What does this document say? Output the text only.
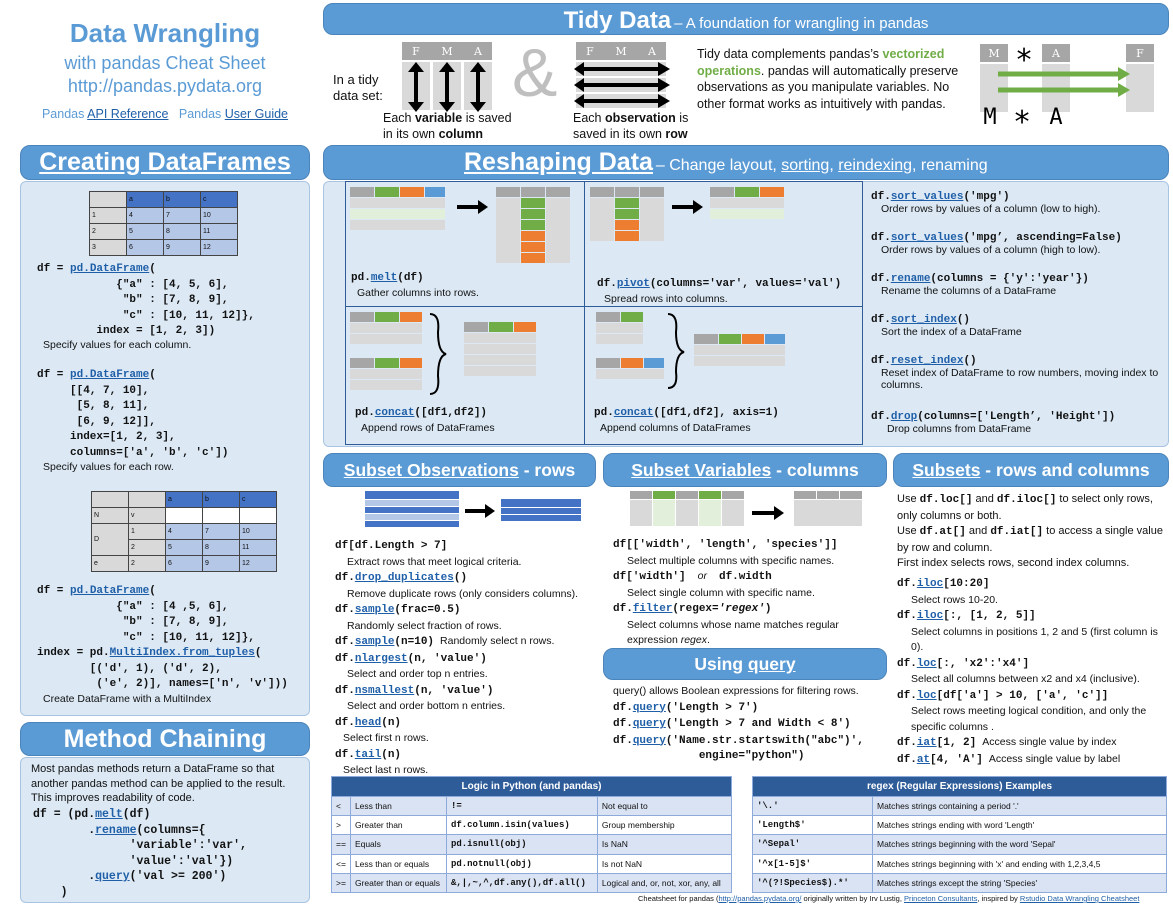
Data Wrangling
with pandas Cheat Sheet
http://pandas.pydata.org
Pandas API Reference Pandas User Guide
Tidy Data – A foundation for wrangling in pandas
In a tidy
data set:
F M A &	F M A
Each variable is saved
in its own column
Each observation is
saved in its own row
Tidy data complements pandas’s vectorized operations. pandas will automatically preserve observations as you manipulate variables. No other format works as intuitively with pandas.
M	A	F
*
M * A
Creating DataFrames
	a	b	c
1	4	7	10
2	5	8	11
3	6	9	12
df = pd.DataFrame(
{"a" : [4, 5, 6],
"b" : [7, 8, 9],
"c" : [10, 11, 12]},
index = [1, 2, 3])
Specify values for each column.
df = pd.DataFrame(
[[4, 7, 10],
[5, 8, 11],
[6, 9, 12]],
index=[1, 2, 3],
columns=['a', 'b', 'c'])
Specify values for each row.
		a	b	c
N	v			
D	1	4	7	10
	2	5	8	11
e	2	6	9	12
df = pd.DataFrame(
{"a" : [4 ,5, 6],
"b" : [7, 8, 9],
"c" : [10, 11, 12]},
index = pd.MultiIndex.from_tuples(
[('d', 1), ('d', 2),
('e', 2)], names=['n', 'v']))
Create DataFrame with a MultiIndex
Method Chaining
Most pandas methods return a DataFrame so that another pandas method can be applied to the result. This improves readability of code.
df = (pd.melt(df)
.rename(columns={
'variable':'var',
'value':'val'})
.query('val >= 200')
)
Reshaping Data – Change layout, sorting, reindexing, renaming
pd.melt(df)
Gather columns into rows.
df.pivot(columns='var', values='val')
Spread rows into columns.
pd.concat([df1,df2])
Append rows of DataFrames
pd.concat([df1,df2], axis=1)
Append columns of DataFrames
df.sort_values('mpg')
Order rows by values of a column (low to high).
df.sort_values('mpg’, ascending=False)
Order rows by values of a column (high to low).
df.rename(columns = {'y':'year'})
Rename the columns of a DataFrame
df.sort_index()
Sort the index of a DataFrame
df.reset_index()
Reset index of DataFrame to row numbers, moving index to columns.
df.drop(columns=['Length’, 'Height'])
Drop columns from DataFrame
Subset Observations - rows
df[df.Length > 7]
Extract rows that meet logical criteria.
df.drop_duplicates()
Remove duplicate rows (only considers columns).
df.sample(frac=0.5)
Randomly select fraction of rows.
df.sample(n=10) Randomly select n rows.
df.nlargest(n, 'value')
Select and order top n entries.
df.nsmallest(n, 'value')
Select and order bottom n entries.
df.head(n)
Select first n rows.
df.tail(n)
Select last n rows.
Subset Variables - columns
df[['width', 'length', 'species']]
Select multiple columns with specific names.
df['width'] or df.width
Select single column with specific name.
df.filter(regex='regex')
Select columns whose name matches regular expression regex.
Using query
query() allows Boolean expressions for filtering rows.
df.query('Length > 7')
df.query('Length > 7 and Width < 8')
df.query('Name.str.startswith("abc")',
engine="python")
Subsets - rows and columns
Use df.loc[] and df.iloc[] to select only rows, only columns or both.
Use df.at[] and df.iat[] to access a single value by row and column.
First index selects rows, second index columns.
df.iloc[10:20]
Select rows 10-20.
df.iloc[:, [1, 2, 5]]
Select columns in positions 1, 2 and 5 (first column is 0).
df.loc[:, 'x2':'x4']
Select all columns between x2 and x4 (inclusive).
df.loc[df['a'] > 10, ['a', 'c']]
Select rows meeting logical condition, and only the specific columns .
df.iat[1, 2] Access single value by index
df.at[4, 'A'] Access single value by label
Logic in Python (and pandas)			
<	Less than	!=	Not equal to
>	Greater than	df.column.isin(values)	Group membership
==	Equals	pd.isnull(obj)	Is NaN
<=	Less than or equals	pd.notnull(obj)	Is not NaN
>=	Greater than or equals	&,|,~,^,df.any(),df.all()	Logical and, or, not, xor, any, all
regex (Regular Expressions) Examples	
'\.'	Matches strings containing a period '.'
'Length$'	Matches strings ending with word 'Length'
'^Sepal'	Matches strings beginning with the word 'Sepal'
'^x[1-5]$'	Matches strings beginning with 'x' and ending with 1,2,3,4,5
'^(?!Species$).*'	Matches strings except the string 'Species'
Cheatsheet for pandas (http://pandas.pydata.org/ originally written by Irv Lustig, Princeton Consultants, inspired by Rstudio Data Wrangling Cheatsheet
